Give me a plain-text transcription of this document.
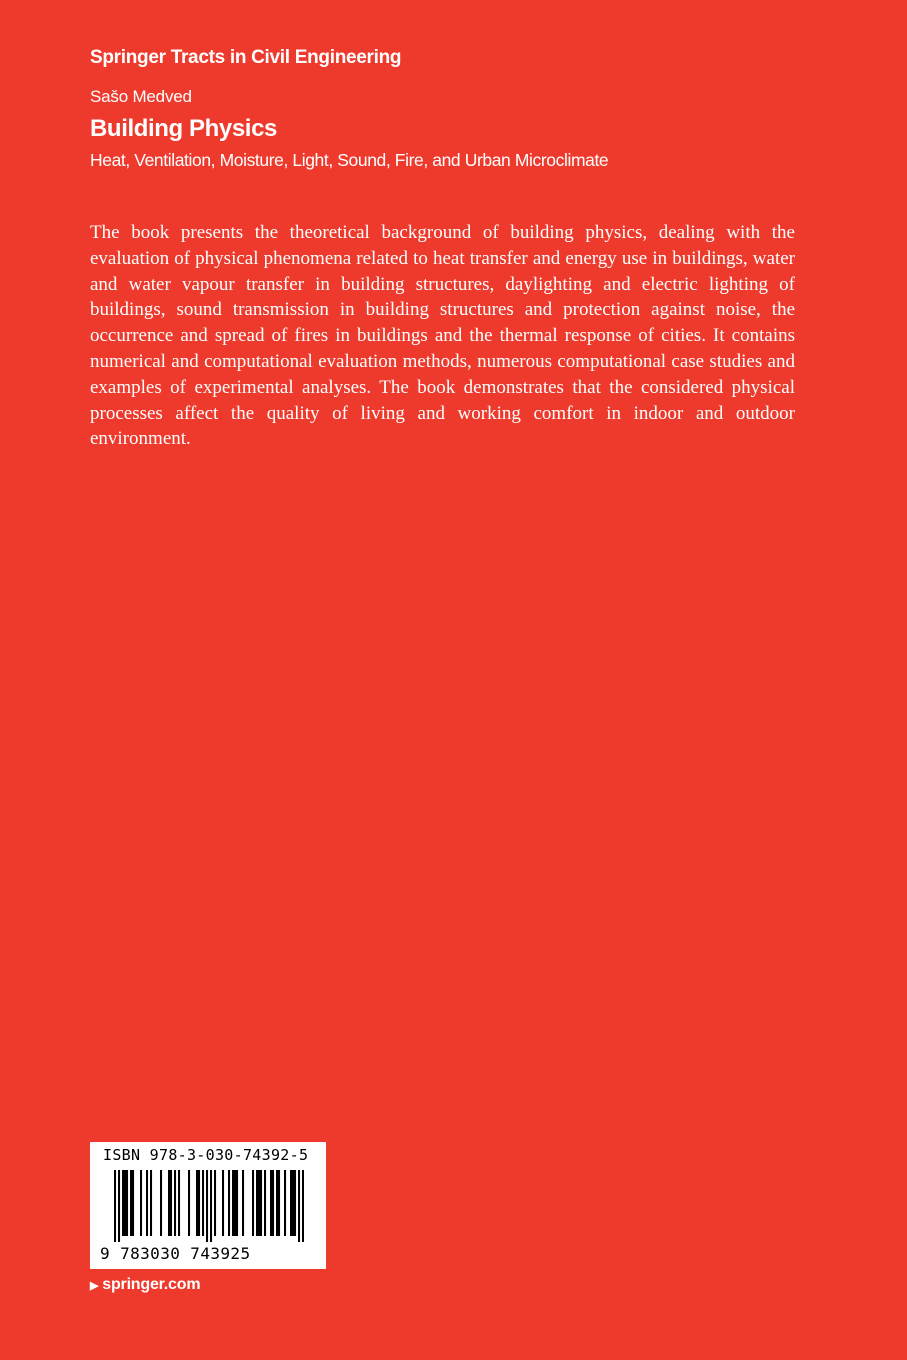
Springer Tracts in Civil Engineering
Sašo Medved
Building Physics
Heat, Ventilation, Moisture, Light, Sound, Fire, and Urban Microclimate
The book presents the theoretical background of building physics, dealing with the evaluation of physical phenomena related to heat transfer and energy use in buildings, water and water vapour transfer in building structures, daylighting and electric lighting of buildings, sound transmission in building structures and protection against noise, the occurrence and spread of fires in buildings and the thermal response of cities. It contains numerical and computational evaluation methods, numerous computational case studies and examples of experimental analyses. The book demonstrates that the considered physical processes affect the quality of living and working comfort in indoor and outdoor environment.
ISBN 978-3-030-74392-5
9 783030 743925
▶ springer.com
